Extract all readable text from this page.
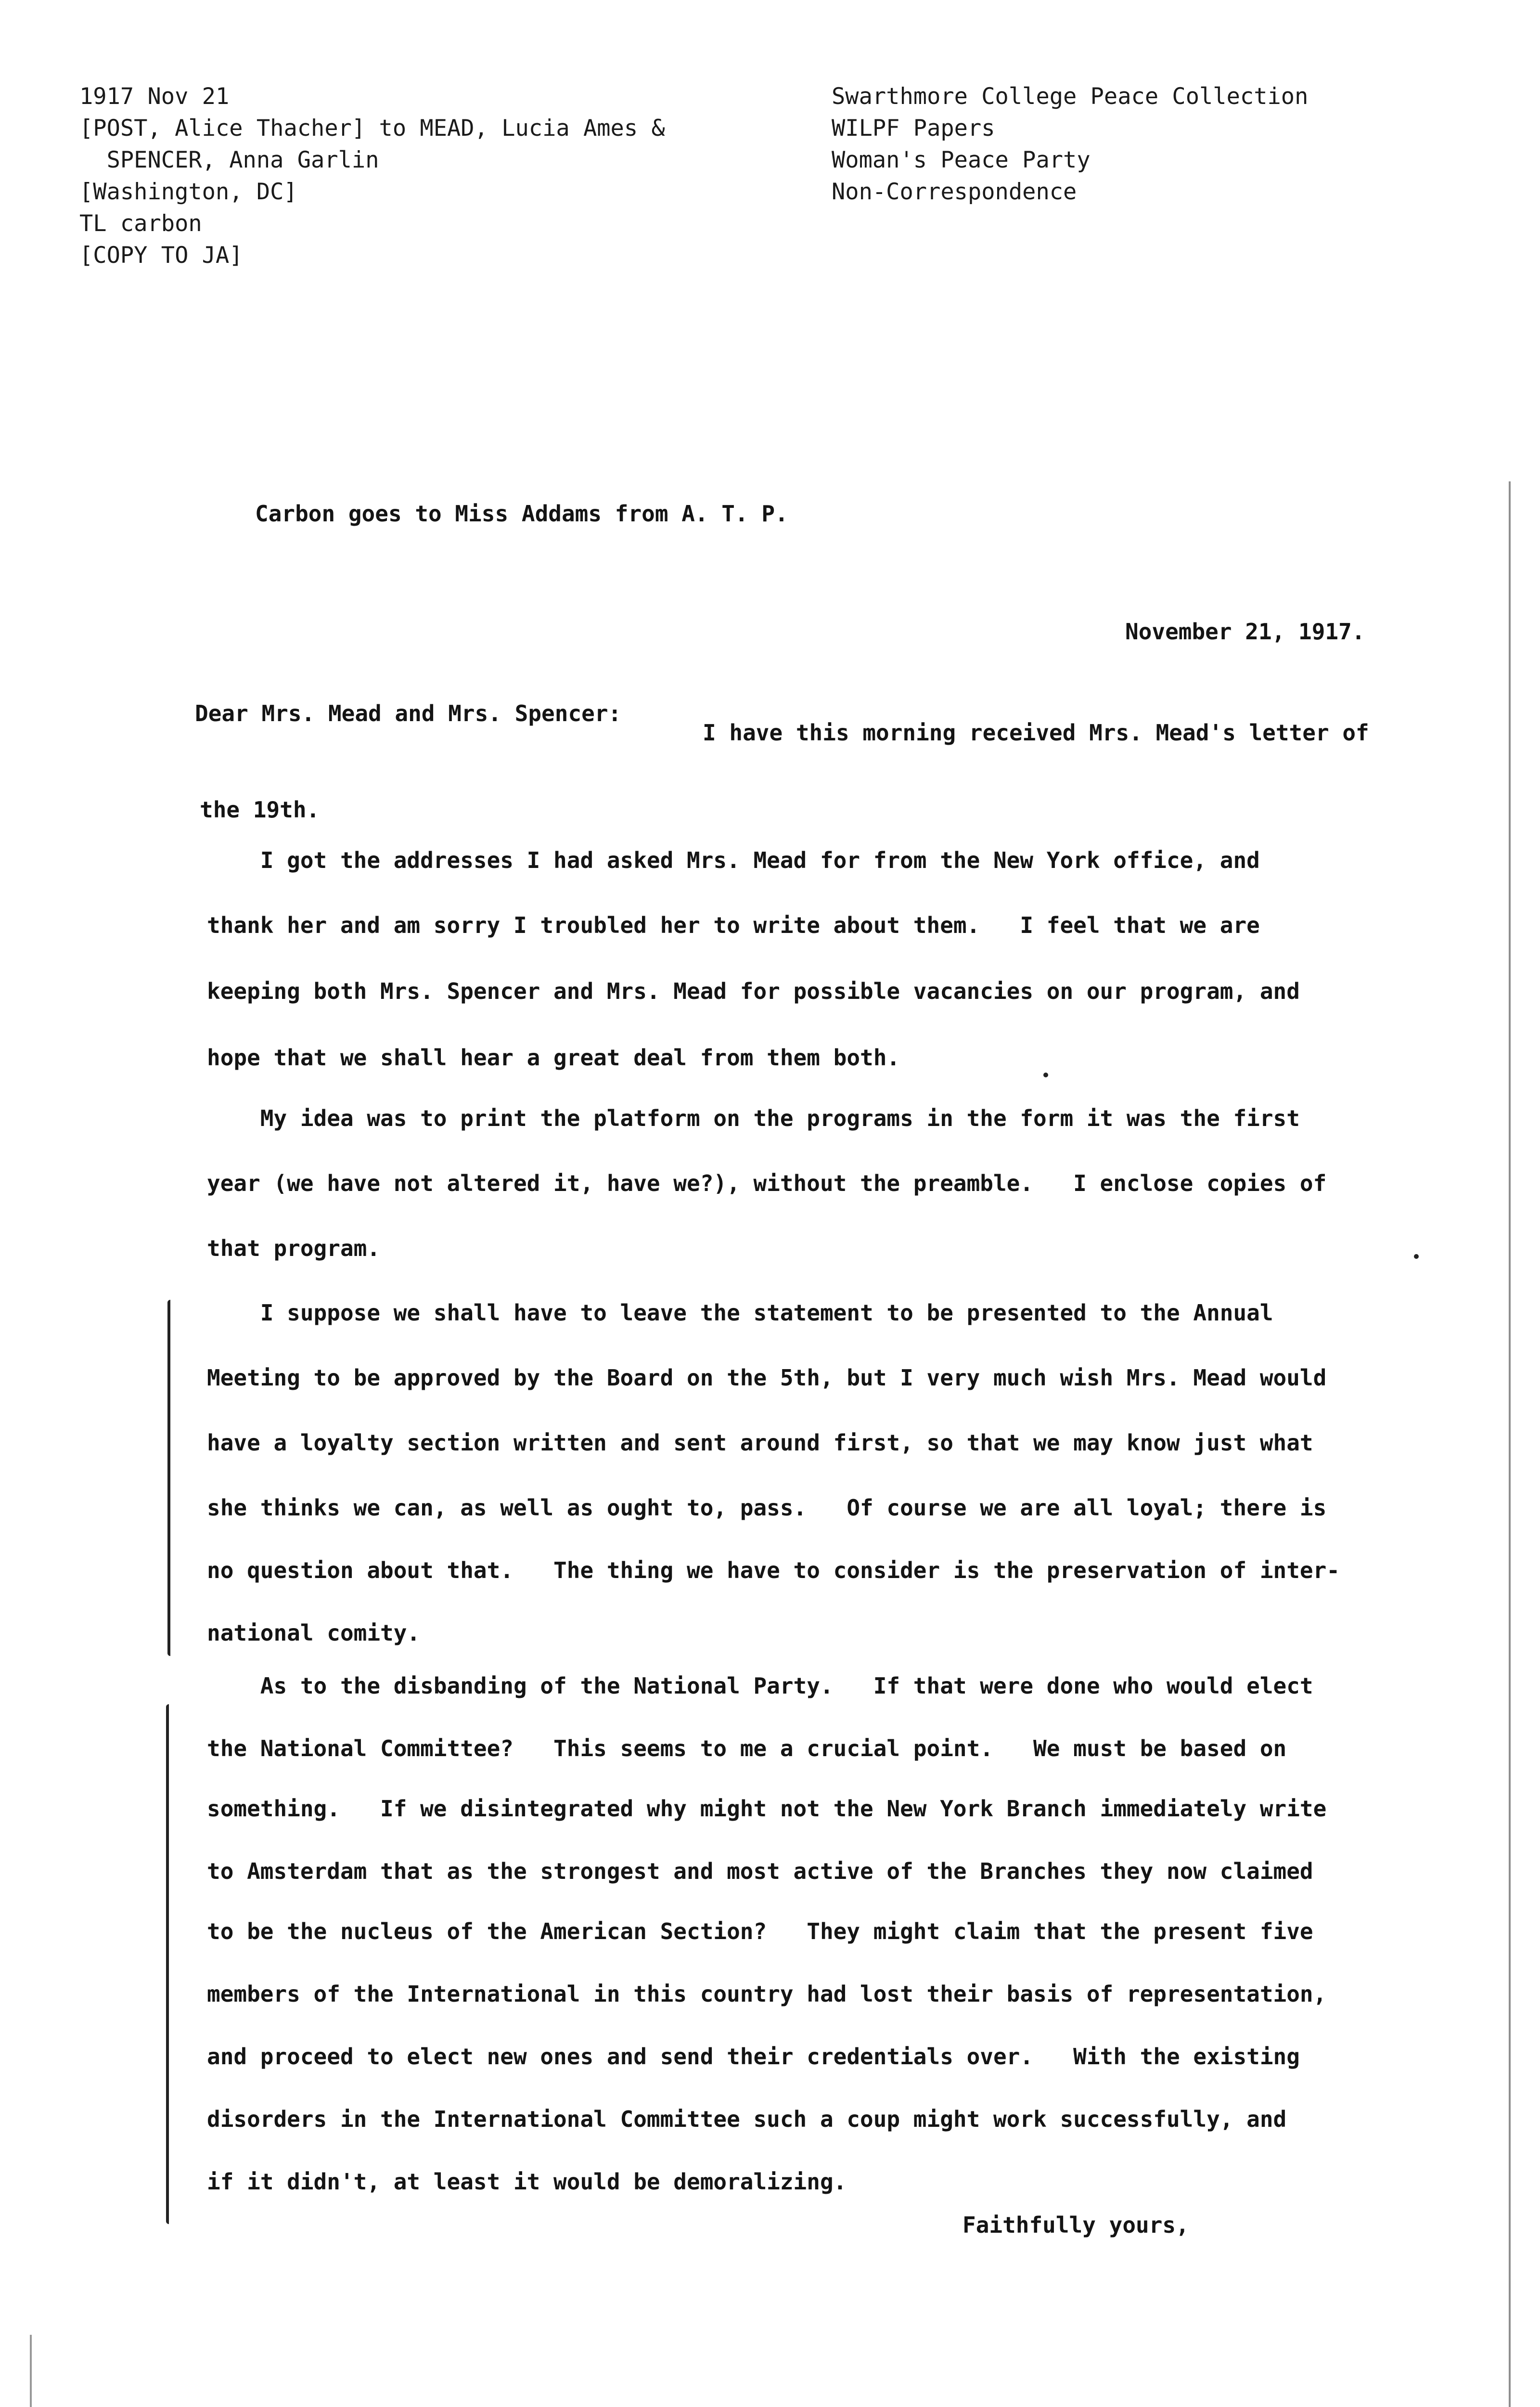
1917 Nov 21
[POST, Alice Thacher] to MEAD, Lucia Ames &
SPENCER, Anna Garlin
[Washington, DC]
TL carbon
[COPY TO JA]
Swarthmore College Peace Collection
WILPF Papers
Woman's Peace Party
Non-Correspondence
Carbon goes to Miss Addams from A. T. P.
November 21, 1917.
Dear Mrs. Mead and Mrs. Spencer:
I have this morning received Mrs. Mead's letter of
the 19th.
I got the addresses I had asked Mrs. Mead for from the New York office, and
thank her and am sorry I troubled her to write about them.   I feel that we are
keeping both Mrs. Spencer and Mrs. Mead for possible vacancies on our program, and
hope that we shall hear a great deal from them both.
My idea was to print the platform on the programs in the form it was the first
year (we have not altered it, have we?), without the preamble.   I enclose copies of
that program.
I suppose we shall have to leave the statement to be presented to the Annual
Meeting to be approved by the Board on the 5th, but I very much wish Mrs. Mead would
have a loyalty section written and sent around first, so that we may know just what
she thinks we can, as well as ought to, pass.   Of course we are all loyal; there is
no question about that.   The thing we have to consider is the preservation of inter-
national comity.
As to the disbanding of the National Party.   If that were done who would elect
the National Committee?   This seems to me a crucial point.   We must be based on
something.   If we disintegrated why might not the New York Branch immediately write
to Amsterdam that as the strongest and most active of the Branches they now claimed
to be the nucleus of the American Section?   They might claim that the present five
members of the International in this country had lost their basis of representation,
and proceed to elect new ones and send their credentials over.   With the existing
disorders in the International Committee such a coup might work successfully, and
if it didn't, at least it would be demoralizing.
Faithfully yours,
